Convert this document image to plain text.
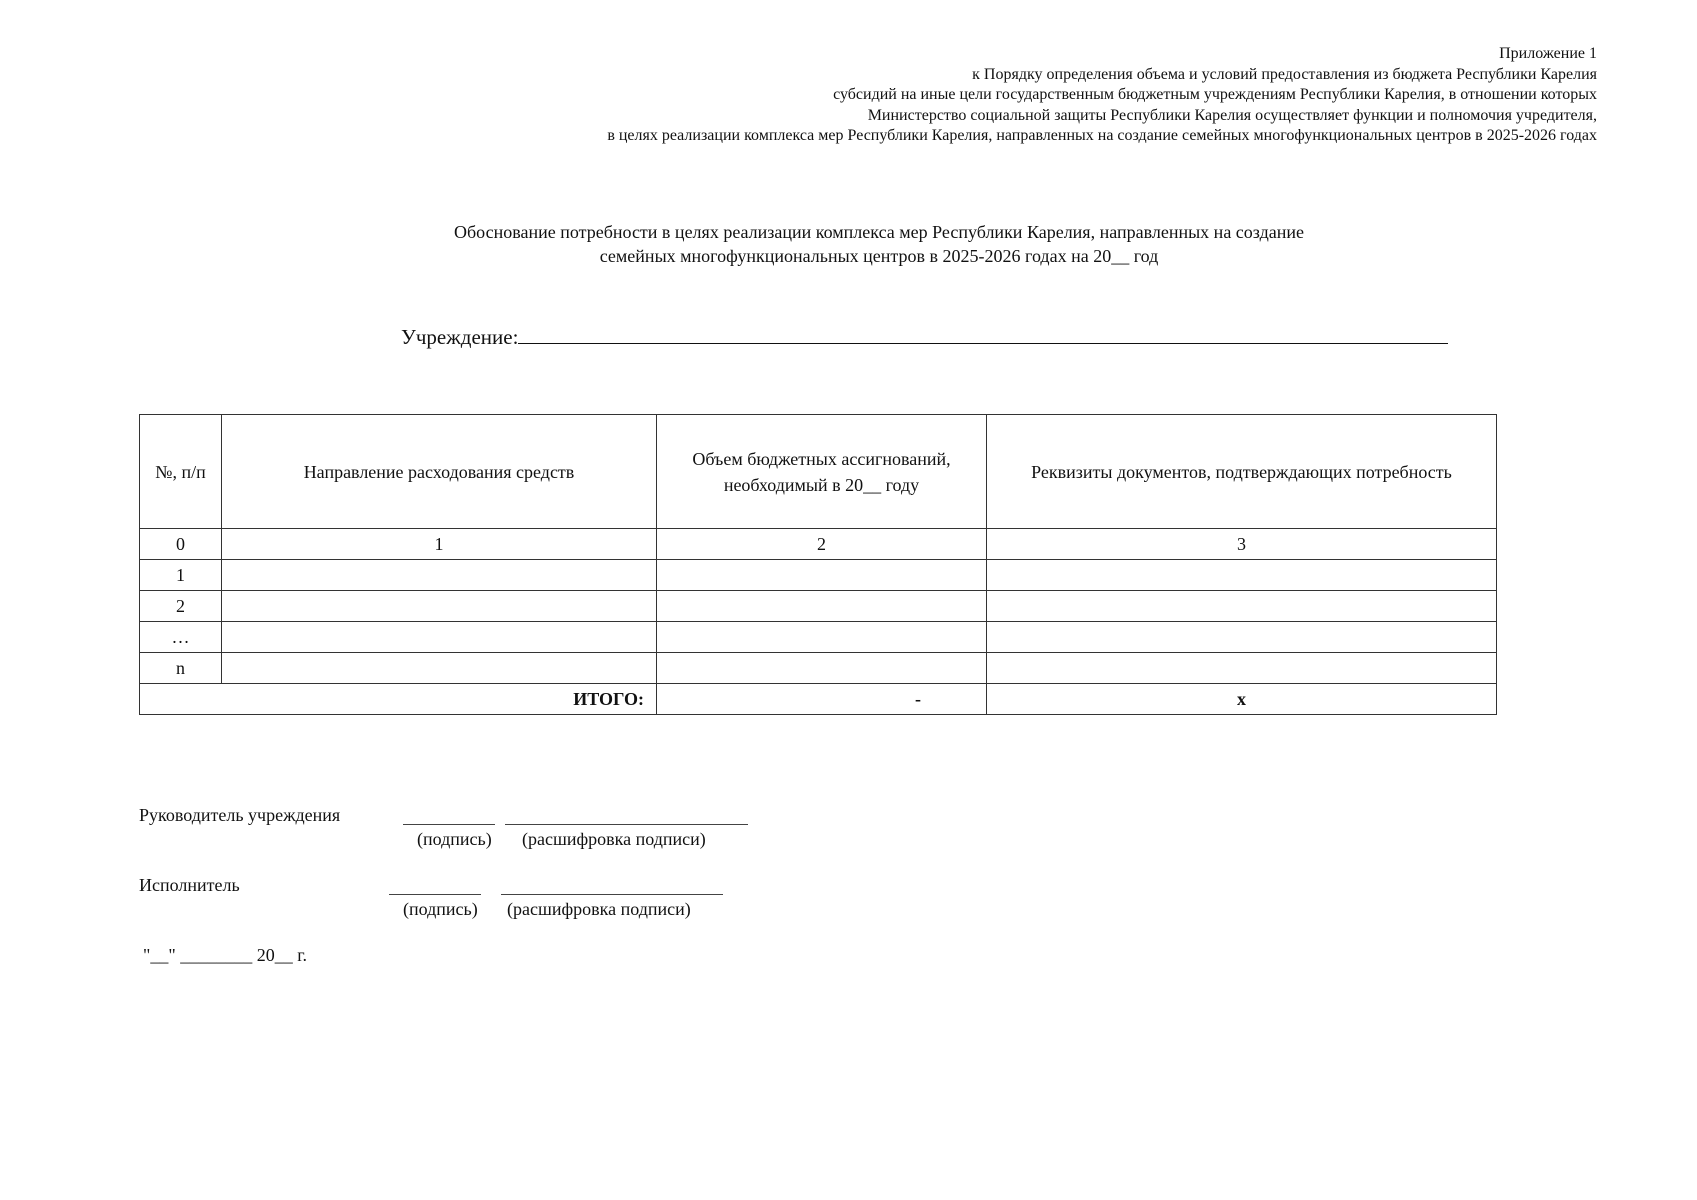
Приложение 1
к Порядку определения объема и условий предоставления из бюджета Республики Карелия
субсидий на иные цели государственным бюджетным учреждениям Республики Карелия, в отношении которых
Министерство социальной защиты Республики Карелия осуществляет функции и полномочия учредителя,
в целях реализации комплекса мер Республики Карелия, направленных на создание семейных многофункциональных центров в 2025-2026 годах
Обоснование потребности в целях реализации комплекса мер Республики Карелия, направленных на создание
семейных многофункциональных центров в 2025-2026 годах на 20__ год
Учреждение:
№, п/п	Направление расходования средств	Объем бюджетных ассигнований, необходимый в 20__ году	Реквизиты документов, подтверждающих потребность
0	1	2	3
1			
2			
…			
n			
ИТОГО:		-	x
Руководитель учреждения
(подпись) (расшифровка подписи)
Исполнитель
(подпись) (расшифровка подписи)
"__" ________ 20__ г.
